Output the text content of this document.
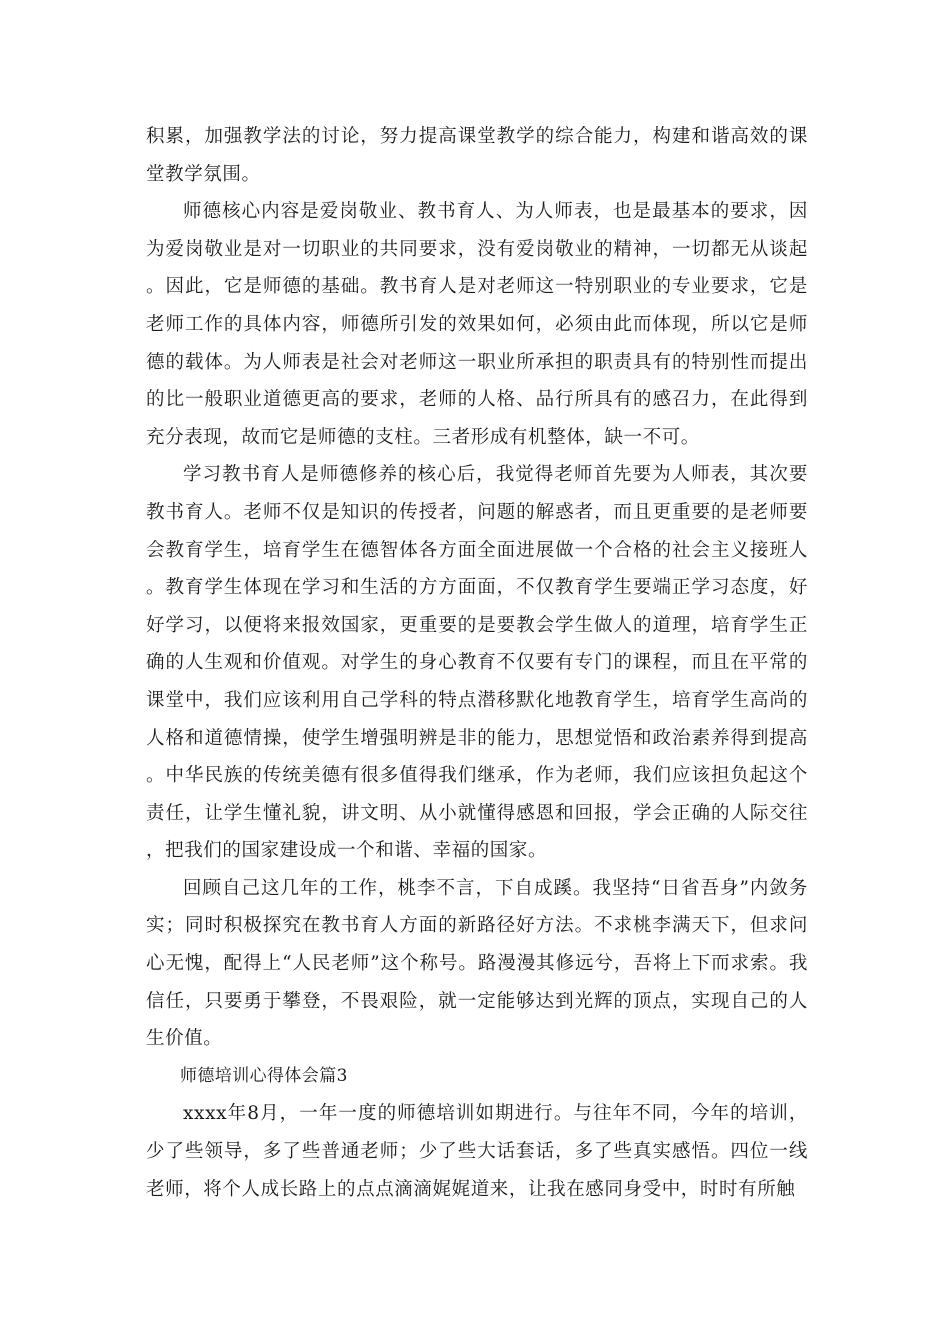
积累，加强教学法的讨论，努力提高课堂教学的综合能力，构建和谐高效的课堂教学氛围。

师德核心内容是爱岗敬业、教书育人、为人师表，也是最基本的要求，因为爱岗敬业是对一切职业的共同要求，没有爱岗敬业的精神，一切都无从谈起。因此，它是师德的基础。教书育人是对老师这一特别职业的专业要求，它是老师工作的具体内容，师德所引发的效果如何，必须由此而体现，所以它是师德的载体。为人师表是社会对老师这一职业所承担的职责具有的特别性而提出的比一般职业道德更高的要求，老师的人格、品行所具有的感召力，在此得到充分表现，故而它是师德的支柱。三者形成有机整体，缺一不可。

学习教书育人是师德修养的核心后，我觉得老师首先要为人师表，其次要教书育人。老师不仅是知识的传授者，问题的解惑者，而且更重要的是老师要会教育学生，培育学生在德智体各方面全面进展做一个合格的社会主义接班人。教育学生体现在学习和生活的方方面面，不仅教育学生要端正学习态度，好好学习，以便将来报效国家，更重要的是要教会学生做人的道理，培育学生正确的人生观和价值观。对学生的身心教育不仅要有专门的课程，而且在平常的课堂中，我们应该利用自己学科的特点潜移默化地教育学生，培育学生高尚的人格和道德情操，使学生增强明辨是非的能力，思想觉悟和政治素养得到提高。中华民族的传统美德有很多值得我们继承，作为老师，我们应该担负起这个责任，让学生懂礼貌，讲文明、从小就懂得感恩和回报，学会正确的人际交往，把我们的国家建设成一个和谐、幸福的国家。

回顾自己这几年的工作，桃李不言，下自成蹊。我坚持“日省吾身”内敛务实；同时积极探究在教书育人方面的新路径好方法。不求桃李满天下，但求问心无愧，配得上“人民老师”这个称号。路漫漫其修远兮，吾将上下而求索。我信任，只要勇于攀登，不畏艰险，就一定能够达到光辉的顶点，实现自己的人生价值。

师德培训心得体会篇3

xxxx年8月，一年一度的师德培训如期进行。与往年不同，今年的培训，少了些领导，多了些普通老师；少了些大话套话，多了些真实感悟。四位一线老师，将个人成长路上的点点滴滴娓娓道来，让我在感同身受中，时时有所触
